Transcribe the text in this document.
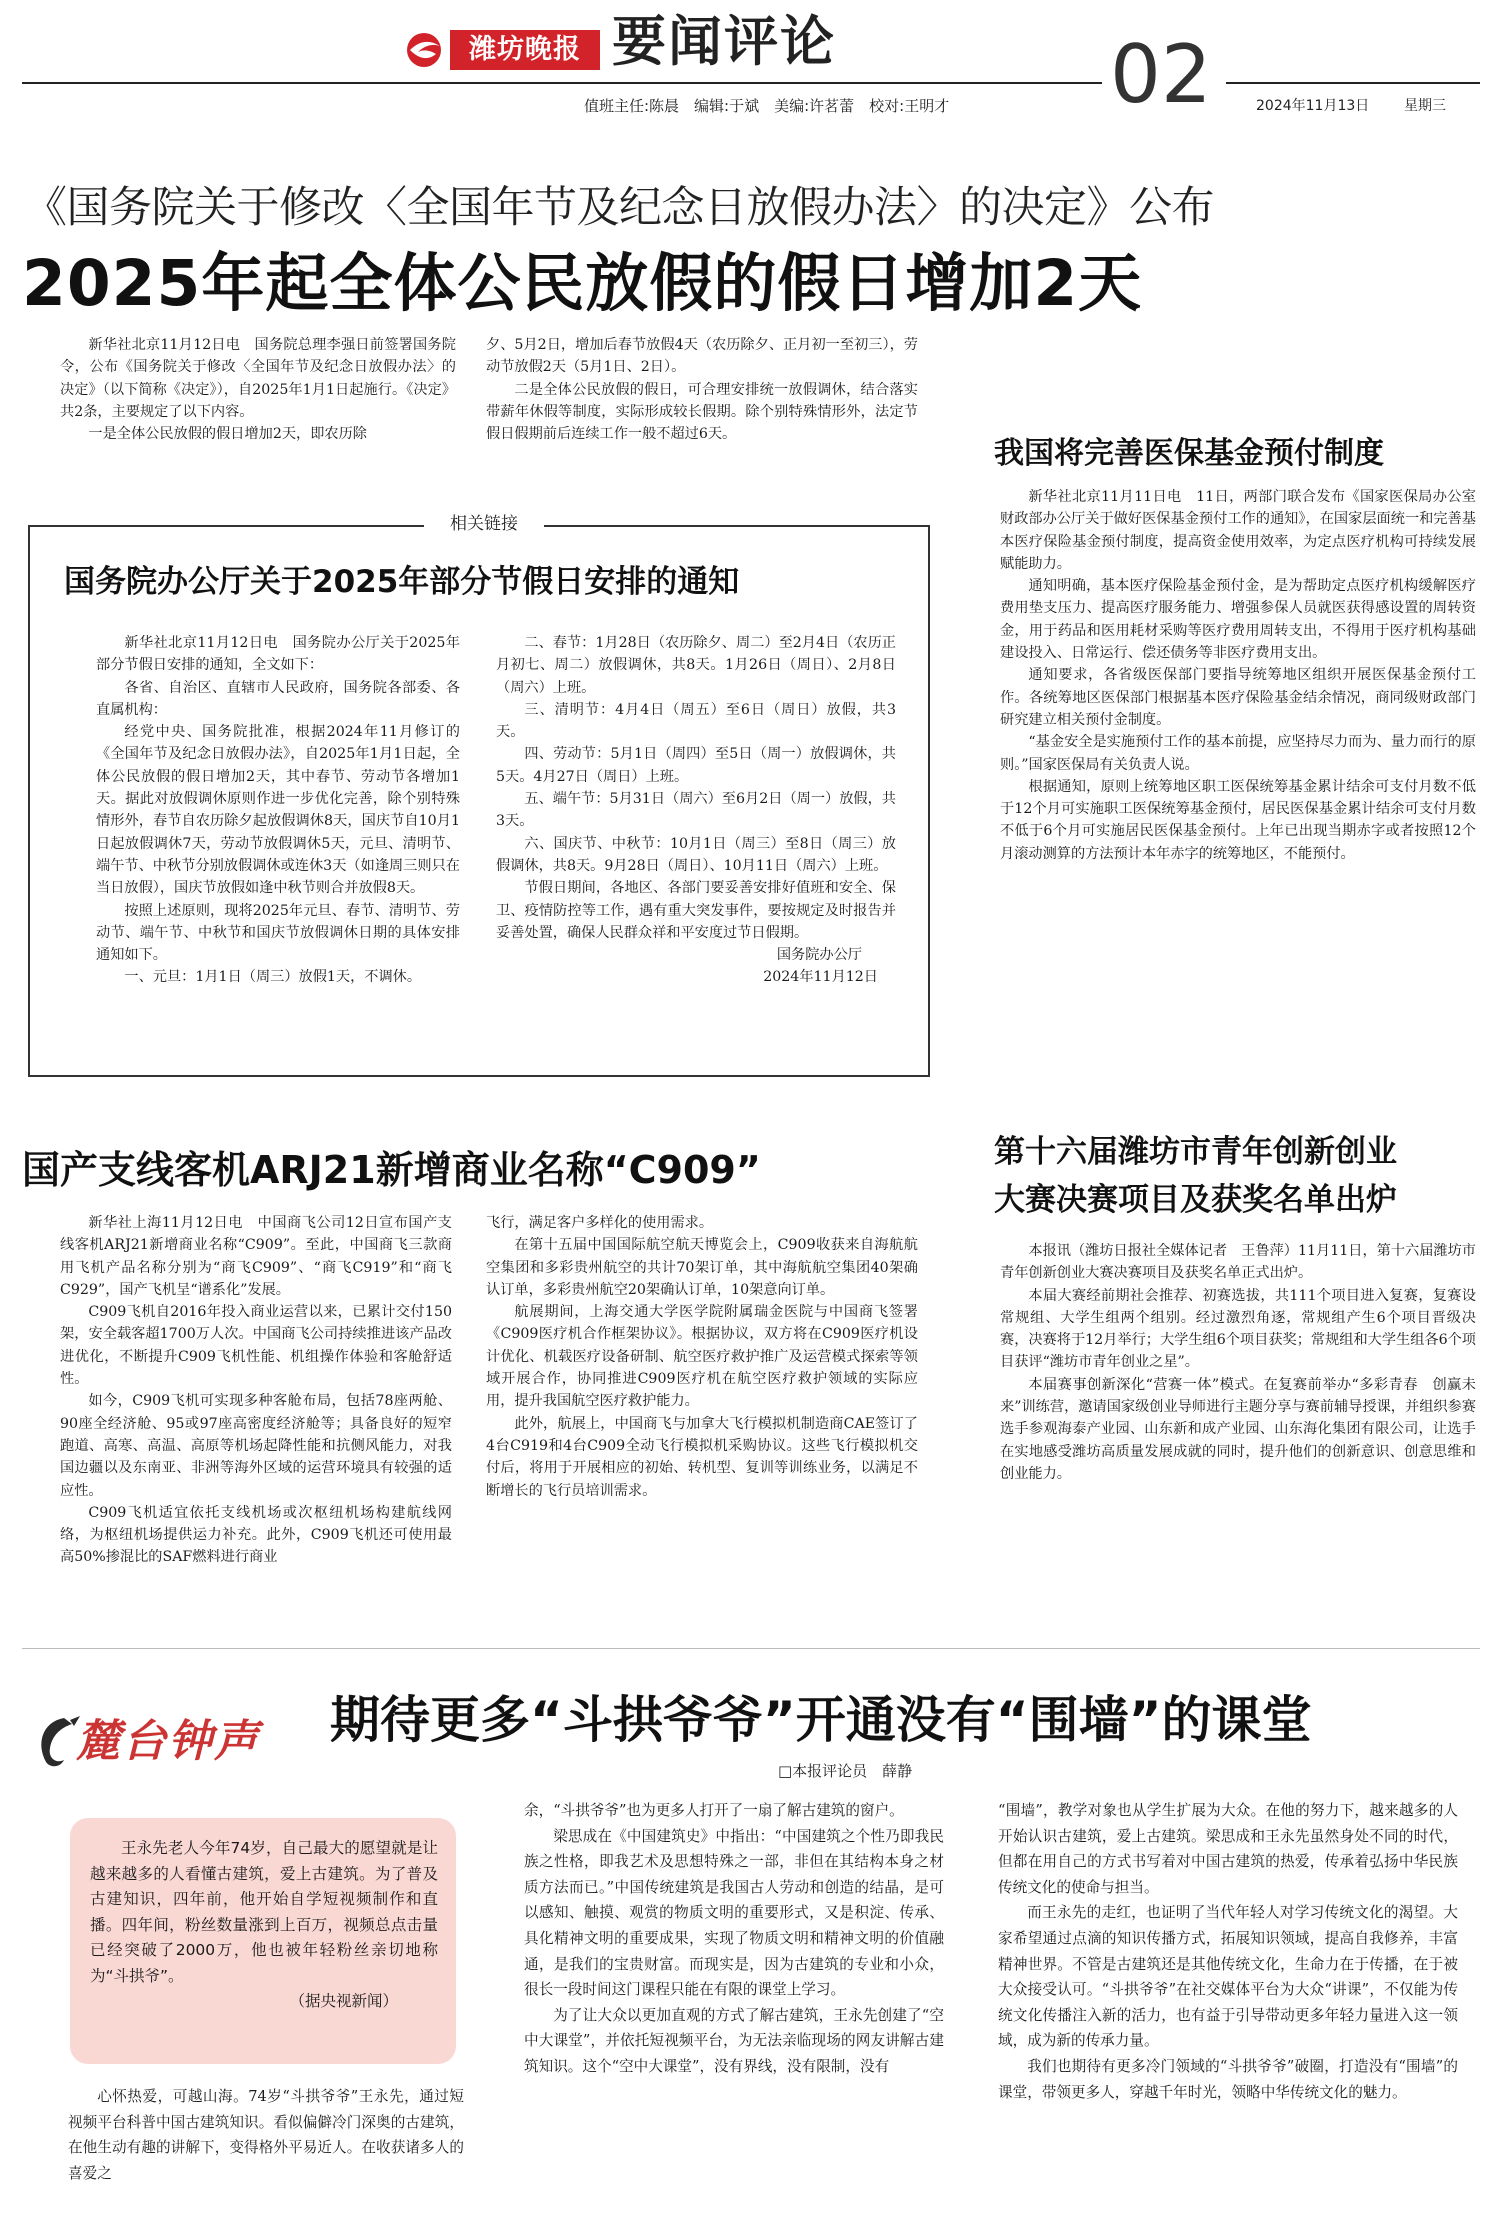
潍坊晚报 要闻评论
值班主任:陈晨　编辑:于斌　美编:许茗蕾　校对:王明才 02	2024年11月13日 星期三
《国务院关于修改〈全国年节及纪念日放假办法〉的决定》公布
2025年起全体公民放假的假日增加2天

新华社北京11月12日电　国务院总理李强日前签署国务院令，公布《国务院关于修改〈全国年节及纪念日放假办法〉的决定》（以下简称《决定》），自2025年1月1日起施行。《决定》共2条，主要规定了以下内容。

一是全体公民放假的假日增加2天，即农历除

夕、5月2日，增加后春节放假4天（农历除夕、正月初一至初三），劳动节放假2天（5月1日、2日）。

二是全体公民放假的假日，可合理安排统一放假调休，结合落实带薪年休假等制度，实际形成较长假期。除个别特殊情形外，法定节假日假期前后连续工作一般不超过6天。

相关链接
国务院办公厅关于2025年部分节假日安排的通知

新华社北京11月12日电　国务院办公厅关于2025年部分节假日安排的通知，全文如下：

各省、自治区、直辖市人民政府，国务院各部委、各直属机构：

经党中央、国务院批准，根据2024年11月修订的《全国年节及纪念日放假办法》，自2025年1月1日起，全体公民放假的假日增加2天，其中春节、劳动节各增加1天。据此对放假调休原则作进一步优化完善，除个别特殊情形外，春节自农历除夕起放假调休8天，国庆节自10月1日起放假调休7天，劳动节放假调休5天，元旦、清明节、端午节、中秋节分别放假调休或连休3天（如逢周三则只在当日放假），国庆节放假如逢中秋节则合并放假8天。

按照上述原则，现将2025年元旦、春节、清明节、劳动节、端午节、中秋节和国庆节放假调休日期的具体安排通知如下。

一、元旦：1月1日（周三）放假1天，不调休。

二、春节：1月28日（农历除夕、周二）至2月4日（农历正月初七、周二）放假调休，共8天。1月26日（周日）、2月8日（周六）上班。

三、清明节：4月4日（周五）至6日（周日）放假，共3天。

四、劳动节：5月1日（周四）至5日（周一）放假调休，共5天。4月27日（周日）上班。

五、端午节：5月31日（周六）至6月2日（周一）放假，共3天。

六、国庆节、中秋节：10月1日（周三）至8日（周三）放假调休，共8天。9月28日（周日）、10月11日（周六）上班。

节假日期间，各地区、各部门要妥善安排好值班和安全、保卫、疫情防控等工作，遇有重大突发事件，要按规定及时报告并妥善处置，确保人民群众祥和平安度过节日假期。

国务院办公厅
2024年11月12日
我国将完善医保基金预付制度

新华社北京11月11日电　11日，两部门联合发布《国家医保局办公室　财政部办公厅关于做好医保基金预付工作的通知》，在国家层面统一和完善基本医疗保险基金预付制度，提高资金使用效率，为定点医疗机构可持续发展赋能助力。

通知明确，基本医疗保险基金预付金，是为帮助定点医疗机构缓解医疗费用垫支压力、提高医疗服务能力、增强参保人员就医获得感设置的周转资金，用于药品和医用耗材采购等医疗费用周转支出，不得用于医疗机构基础建设投入、日常运行、偿还债务等非医疗费用支出。

通知要求，各省级医保部门要指导统筹地区组织开展医保基金预付工作。各统筹地区医保部门根据基本医疗保险基金结余情况，商同级财政部门研究建立相关预付金制度。

“基金安全是实施预付工作的基本前提，应坚持尽力而为、量力而行的原则。”国家医保局有关负责人说。

根据通知，原则上统筹地区职工医保统筹基金累计结余可支付月数不低于12个月可实施职工医保统筹基金预付，居民医保基金累计结余可支付月数不低于6个月可实施居民医保基金预付。上年已出现当期赤字或者按照12个月滚动测算的方法预计本年赤字的统筹地区，不能预付。

国产支线客机ARJ21新增商业名称“C909”

新华社上海11月12日电　中国商飞公司12日宣布国产支线客机ARJ21新增商业名称“C909”。至此，中国商飞三款商用飞机产品名称分别为“商飞C909”、“商飞C919”和“商飞C929”，国产飞机呈“谱系化”发展。

C909飞机自2016年投入商业运营以来，已累计交付150架，安全载客超1700万人次。中国商飞公司持续推进该产品改进优化，不断提升C909飞机性能、机组操作体验和客舱舒适性。

如今，C909飞机可实现多种客舱布局，包括78座两舱、90座全经济舱、95或97座高密度经济舱等；具备良好的短窄跑道、高寒、高温、高原等机场起降性能和抗侧风能力，对我国边疆以及东南亚、非洲等海外区域的运营环境具有较强的适应性。

C909飞机适宜依托支线机场或次枢纽机场构建航线网络，为枢纽机场提供运力补充。此外，C909飞机还可使用最高50%掺混比的SAF燃料进行商业

飞行，满足客户多样化的使用需求。

在第十五届中国国际航空航天博览会上，C909收获来自海航航空集团和多彩贵州航空的共计70架订单，其中海航航空集团40架确认订单，多彩贵州航空20架确认订单，10架意向订单。

航展期间，上海交通大学医学院附属瑞金医院与中国商飞签署《C909医疗机合作框架协议》。根据协议，双方将在C909医疗机设计优化、机载医疗设备研制、航空医疗救护推广及运营模式探索等领域开展合作，协同推进C909医疗机在航空医疗救护领域的实际应用，提升我国航空医疗救护能力。

此外，航展上，中国商飞与加拿大飞行模拟机制造商CAE签订了4台C919和4台C909全动飞行模拟机采购协议。这些飞行模拟机交付后，将用于开展相应的初始、转机型、复训等训练业务，以满足不断增长的飞行员培训需求。

第十六届潍坊市青年创新创业
大赛决赛项目及获奖名单出炉

本报讯（潍坊日报社全媒体记者　王鲁萍）11月11日，第十六届潍坊市青年创新创业大赛决赛项目及获奖名单正式出炉。

本届大赛经前期社会推荐、初赛选拔，共111个项目进入复赛，复赛设常规组、大学生组两个组别。经过激烈角逐，常规组产生6个项目晋级决赛，决赛将于12月举行；大学生组6个项目获奖；常规组和大学生组各6个项目获评“潍坊市青年创业之星”。

本届赛事创新深化“营赛一体”模式。在复赛前举办“多彩青春　创赢未来”训练营，邀请国家级创业导师进行主题分享与赛前辅导授课，并组织参赛选手参观海泰产业园、山东新和成产业园、山东海化集团有限公司，让选手在实地感受潍坊高质量发展成就的同时，提升他们的创新意识、创意思维和创业能力。

麓台钟声 期待更多“斗拱爷爷”开通没有“围墙”的课堂
□本报评论员　薛静

王永先老人今年74岁，自己最大的愿望就是让越来越多的人看懂古建筑，爱上古建筑。为了普及古建知识，四年前，他开始自学短视频制作和直播。四年间，粉丝数量涨到上百万，视频总点击量已经突破了2000万，他也被年轻粉丝亲切地称为“斗拱爷”。

（据央视新闻）

心怀热爱，可越山海。74岁“斗拱爷爷”王永先，通过短视频平台科普中国古建筑知识。看似偏僻冷门深奥的古建筑，在他生动有趣的讲解下，变得格外平易近人。在收获诸多人的喜爱之

余，“斗拱爷爷”也为更多人打开了一扇了解古建筑的窗户。

梁思成在《中国建筑史》中指出：“中国建筑之个性乃即我民族之性格，即我艺术及思想特殊之一部，非但在其结构本身之材质方法而已。”中国传统建筑是我国古人劳动和创造的结晶，是可以感知、触摸、观赏的物质文明的重要形式，又是积淀、传承、具化精神文明的重要成果，实现了物质文明和精神文明的价值融通，是我们的宝贵财富。而现实是，因为古建筑的专业和小众，很长一段时间这门课程只能在有限的课堂上学习。

为了让大众以更加直观的方式了解古建筑，王永先创建了“空中大课堂”，并依托短视频平台，为无法亲临现场的网友讲解古建筑知识。这个“空中大课堂”，没有界线，没有限制，没有

“围墙”，教学对象也从学生扩展为大众。在他的努力下，越来越多的人开始认识古建筑，爱上古建筑。梁思成和王永先虽然身处不同的时代，但都在用自己的方式书写着对中国古建筑的热爱，传承着弘扬中华民族传统文化的使命与担当。

而王永先的走红，也证明了当代年轻人对学习传统文化的渴望。大家希望通过点滴的知识传播方式，拓展知识领域，提高自我修养，丰富精神世界。不管是古建筑还是其他传统文化，生命力在于传播，在于被大众接受认可。“斗拱爷爷”在社交媒体平台为大众“讲课”，不仅能为传统文化传播注入新的活力，也有益于引导带动更多年轻力量进入这一领域，成为新的传承力量。

我们也期待有更多冷门领域的“斗拱爷爷”破圈，打造没有“围墙”的课堂，带领更多人，穿越千年时光，领略中华传统文化的魅力。
